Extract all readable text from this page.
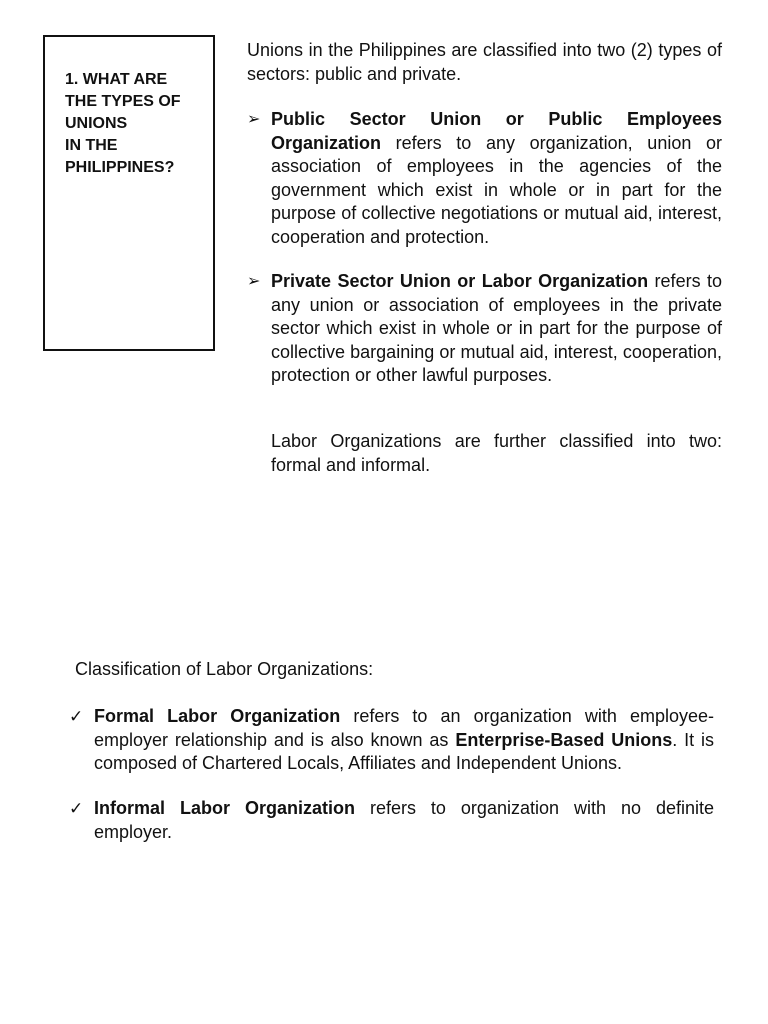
1. WHAT ARE
THE TYPES OF
UNIONS
IN THE
PHILIPPINES?

Unions in the Philippines are classified into two (2) types of sectors: public and private.

➢ Public Sector Union or Public Employees Organization refers to any organization, union or association of employees in the agencies of the government which exist in whole or in part for the purpose of collective negotiations or mutual aid, interest, cooperation and protection.

➢ Private Sector Union or Labor Organization refers to any union or association of employees in the private sector which exist in whole or in part for the purpose of collective bargaining or mutual aid, interest, cooperation, protection or other lawful purposes.

Labor Organizations are further classified into two: formal and informal.

Classification of Labor Organizations:

✓ Formal Labor Organization refers to an organization with employee-employer relationship and is also known as Enterprise-Based Unions. It is composed of Chartered Locals, Affiliates and Independent Unions.

✓ Informal Labor Organization refers to organization with no definite employer.
